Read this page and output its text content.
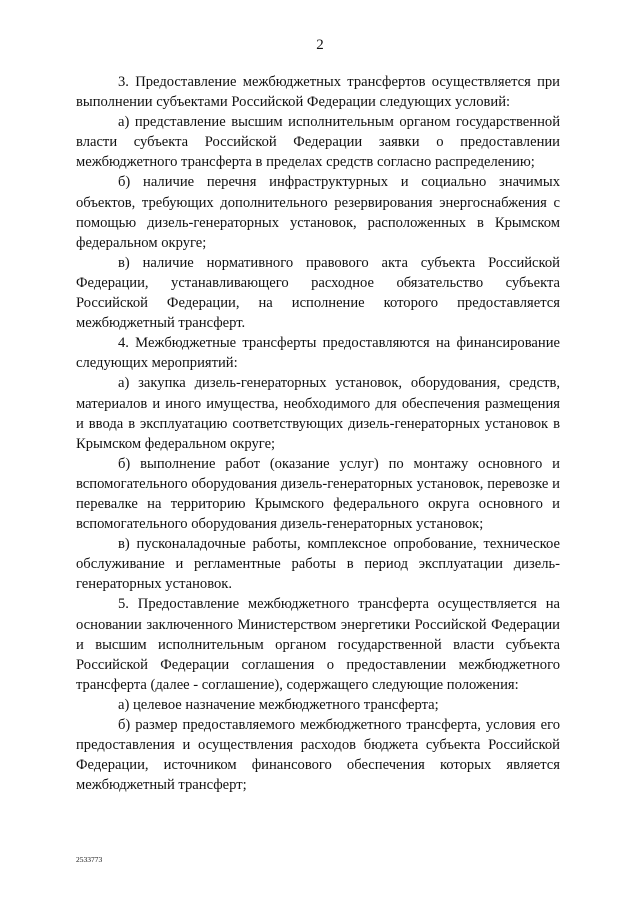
2

3. Предоставление межбюджетных трансфертов осуществляется при выполнении субъектами Российской Федерации следующих условий:

а) представление высшим исполнительным органом государственной власти субъекта Российской Федерации заявки о предоставлении межбюджетного трансферта в пределах средств согласно распределению;

б) наличие перечня инфраструктурных и социально значимых объектов, требующих дополнительного резервирования энергоснабжения с помощью дизель-генераторных установок, расположенных в Крымском федеральном округе;

в) наличие нормативного правового акта субъекта Российской Федерации, устанавливающего расходное обязательство субъекта Российской Федерации, на исполнение которого предоставляется межбюджетный трансферт.

4. Межбюджетные трансферты предоставляются на финансирование следующих мероприятий:

а) закупка дизель-генераторных установок, оборудования, средств, материалов и иного имущества, необходимого для обеспечения размещения и ввода в эксплуатацию соответствующих дизель-генераторных установок в Крымском федеральном округе;

б) выполнение работ (оказание услуг) по монтажу основного и вспомогательного оборудования дизель-генераторных установок, перевозке и перевалке на территорию Крымского федерального округа основного и вспомогательного оборудования дизель-генераторных установок;

в) пусконаладочные работы, комплексное опробование, техническое обслуживание и регламентные работы в период эксплуатации дизель-генераторных установок.

5. Предоставление межбюджетного трансферта осуществляется на основании заключенного Министерством энергетики Российской Федерации и высшим исполнительным органом государственной власти субъекта Российской Федерации соглашения о предоставлении межбюджетного трансферта (далее - соглашение), содержащего следующие положения:

а) целевое назначение межбюджетного трансферта;

б) размер предоставляемого межбюджетного трансферта, условия его предоставления и осуществления расходов бюджета субъекта Российской Федерации, источником финансового обеспечения которых является межбюджетный трансферт;

2533773
